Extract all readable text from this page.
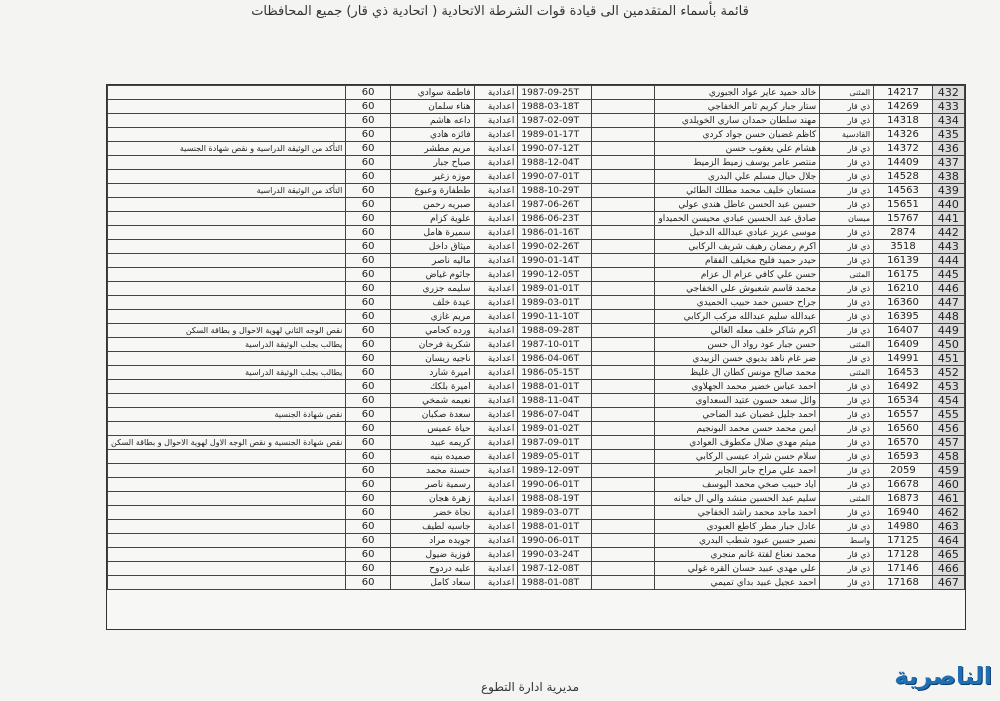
قائمة بأسماء المتقدمين الى قيادة قوات الشرطة الاتحادية ( اتحادية ذي قار) جميع المحافظات
	60	فاطمة سوادي	اعدادية	1987-09-25T		خالد حميد عاير عواد الجبوري	المثنى	14217	432
	60	هناء سلمان	اعدادية	1988-03-18T		ستار جبار كريم ثامر الخفاجي	ذي قار	14269	433
	60	داعه هاشم	اعدادية	1987-02-09T		مهند سلطان حمدان ساري الخويلدي	ذي قار	14318	434
	60	فائزه هادي	اعدادية	1989-01-17T		كاظم غضبان حسن جواد كردي	القادسية	14326	435
التأكد من الوثيقة الدراسية و نقص شهادة الجنسية	60	مريم مطشر	اعدادية	1990-07-12T		هشام علي يعقوب حسن	ذي قار	14372	436
	60	صباح جبار	اعدادية	1988-12-04T		منتصر عامر يوسف زميط الزميط	ذي قار	14409	437
	60	موزه زغير	اعدادية	1990-07-01T		جلال حيال مسلم علي البدري	ذي قار	14528	438
التأكد من الوثيقة الدراسية	60	ططفارة وعبوع	اعدادية	1988-10-29T		مستعان خليف محمد مطلك الطائي	ذي قار	14563	439
	60	صبريه رحمن	اعدادية	1987-06-26T		حسين عبد الحسن عاطل هندي عولي	ذي قار	15651	440
	60	علوية كزام	اعدادية	1986-06-23T		صادق عبد الحسين عبادي محيسن الحميداو	ميسان	15767	441
	60	سميرة هامل	اعدادية	1986-01-16T		موسى عزيز عبادي عبدالله الدخيل	ذي قار	2874	442
	60	ميثاق داخل	اعدادية	1990-02-26T		اكرم رمضان رهيف شريف الركابي	ذي قار	3518	443
	60	ماليه ناصر	اعدادية	1990-01-14T		حيدر حميد فليح مخيلف الفقام	ذي قار	16139	444
	60	جاثوم غياض	اعدادية	1990-12-05T		حسن علي كافي عزام ال عزام	المثنى	16175	445
	60	سليمه جزري	اعدادية	1989-01-01T		محمد قاسم شعبوش علي الخفاجي	ذي قار	16210	446
	60	عيدة خلف	اعدادية	1989-03-01T		جراح حسين حمد حبيب الحميدي	ذي قار	16360	447
	60	مريم غازي	اعدادية	1990-11-10T		عبدالله سليم عبدالله مركب الركابي	ذي قار	16395	448
نقص الوجه الثاني لهوية الاحوال و بطاقة السكن	60	ورده كحامي	اعدادية	1988-09-28T		اكرم شاكر خلف معله الغالي	ذي قار	16407	449
يطالب بجلب الوثيقة الدراسية	60	شكرية فرحان	اعدادية	1987-10-01T		حسن جبار عود رواد ال حسن	المثنى	16409	450
	60	ناجيه ريسان	اعدادية	1986-04-06T		ضر غام ناهد بديوي حسن الزبيدي	ذي قار	14991	451
يطالب بجلب الوثيقة الدراسية	60	اميرة شارد	اعدادية	1986-05-15T		محمد صالح مونس كطان ال غليظ	المثنى	16453	452
	60	اميرة بلكك	اعدادية	1988-01-01T		احمد عباس خضير محمد الجهلاوي	ذي قار	16492	453
	60	نعيمه شمخي	اعدادية	1988-11-04T		وائل سعد حسون عتيد السعداوي	ذي قار	16534	454
نقص شهادة الجنسية	60	سعدة صكبان	اعدادية	1986-07-04T		احمد جليل غضبان عبد الضاحي	ذي قار	16557	455
	60	حياة عميس	اعدادية	1989-01-02T		ايمن محمد حسن محمد البونجيم	ذي قار	16560	456
نقص شهادة الجنسية و نقص الوجه الاول لهوية الاحوال و بطاقة السكن	60	كريمه عبيد	اعدادية	1987-09-01T		ميثم مهدي صلال مكطوف العوادي	ذي قار	16570	457
	60	صميده بنيه	اعدادية	1989-05-01T		سلام حسن شراد عيسى الركابي	ذي قار	16593	458
	60	حسنة محمد	اعدادية	1989-12-09T		احمد علي مراح جابر الجابر	ذي قار	2059	459
	60	رسمية ناصر	اعدادية	1990-06-01T		اياد حبيب صخي محمد اليوسف	ذي قار	16678	460
	60	زهرة هجان	اعدادية	1988-08-19T		سليم عبد الحسين منشد والي ال حبانه	المثنى	16873	461
	60	نجاة خضر	اعدادية	1989-03-07T		احمد ماجد محمد راشد الخفاجي	ذي قار	16940	462
	60	جاسيه لطيف	اعدادية	1988-01-01T		عادل جبار مطر كاطع العبودي	ذي قار	14980	463
	60	جويده مراد	اعدادية	1990-06-01T		نصير حسين عبود شطب البدري	واسط	17125	464
	60	فوزية ضيول	اعدادية	1990-03-24T		محمد نعناع لفتة غانم منجري	ذي قار	17128	465
	60	عليه دردوح	اعدادية	1987-12-08T		علي مهدي عبيد حسان القره غولي	ذي قار	17146	466
	60	سعاد كامل	اعدادية	1988-01-08T		احمد عجيل عبيد بداي تميمي	ذي قار	17168	467
مديرية ادارة التطوع	الناصرية
